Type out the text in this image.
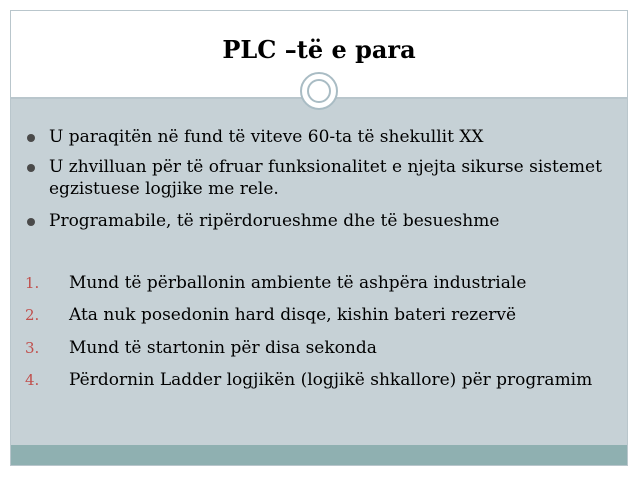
PLC –të e para
U paraqitën në fund të viteve 60-ta të shekullit XX
U zhvilluan për të ofruar funksionalitet e njejta sikurse sistemet egzistuese logjike me rele.
Programabile, të ripërdorueshme dhe të besueshme
1. Mund të përballonin ambiente të ashpëra industriale
2. Ata nuk posedonin hard disqe, kishin bateri rezervë
3. Mund të startonin për disa sekonda
4. Përdornin Ladder logjikën (logjikë shkallore) për programim
